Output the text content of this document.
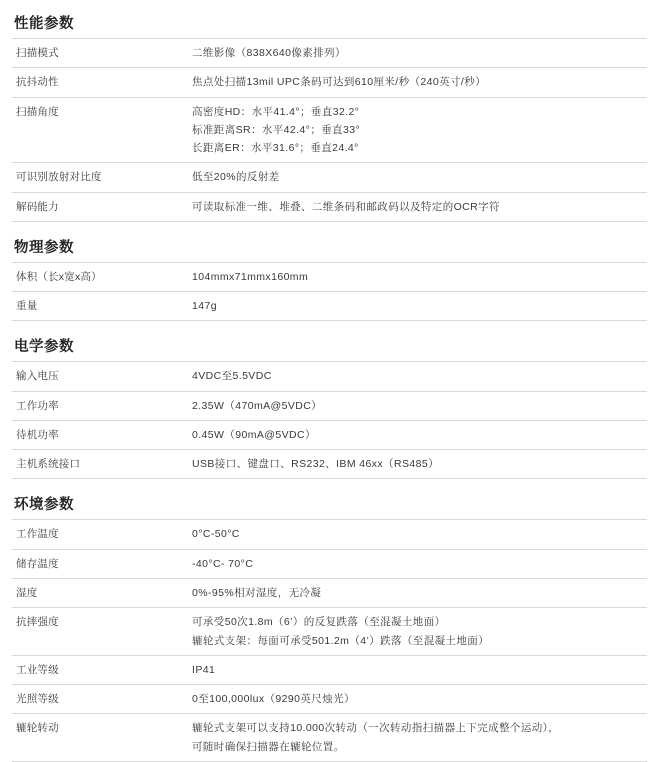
性能参数
扫描模式	二维影像（838X640像素排列）

抗抖动性	焦点处扫描13mil UPC条码可达到610厘米/秒（240英寸/秒）

扫描角度	高密度HD：水平41.4°；垂直32.2°
标准距离SR：水平42.4°；垂直33°
长距离ER：水平31.6°；垂直24.4°

可识别放射对比度	低至20%的反射差

解码能力	可读取标准一维、堆叠、二维条码和邮政码以及特定的OCR字符
物理参数
体积（长x宽x高）	104mmx71mmx160mm

重量	147g
电学参数
输入电压	4VDC至5.5VDC

工作功率	2.35W（470mA@5VDC）

待机功率	0.45W（90mA@5VDC）

主机系统接口	USB接口、键盘口、RS232、IBM 46xx（RS485）
环境参数
工作温度	0°C-50°C

储存温度	-40°C- 70°C

湿度	0%-95%相对湿度，无冷凝

抗摔强度	可承受50次1.8m（6’）的反复跌落（至混凝土地面）
辘轮式支架：每面可承受501.2m（4’）跌落（至混凝土地面）

工业等级	IP41

光照等级	0至100,000lux（9290英尺烛光）

辘轮转动	辘轮式支架可以支持10.000次转动（一次转动指扫描器上下完成整个运动），
可随时确保扫描器在辘轮位置。
